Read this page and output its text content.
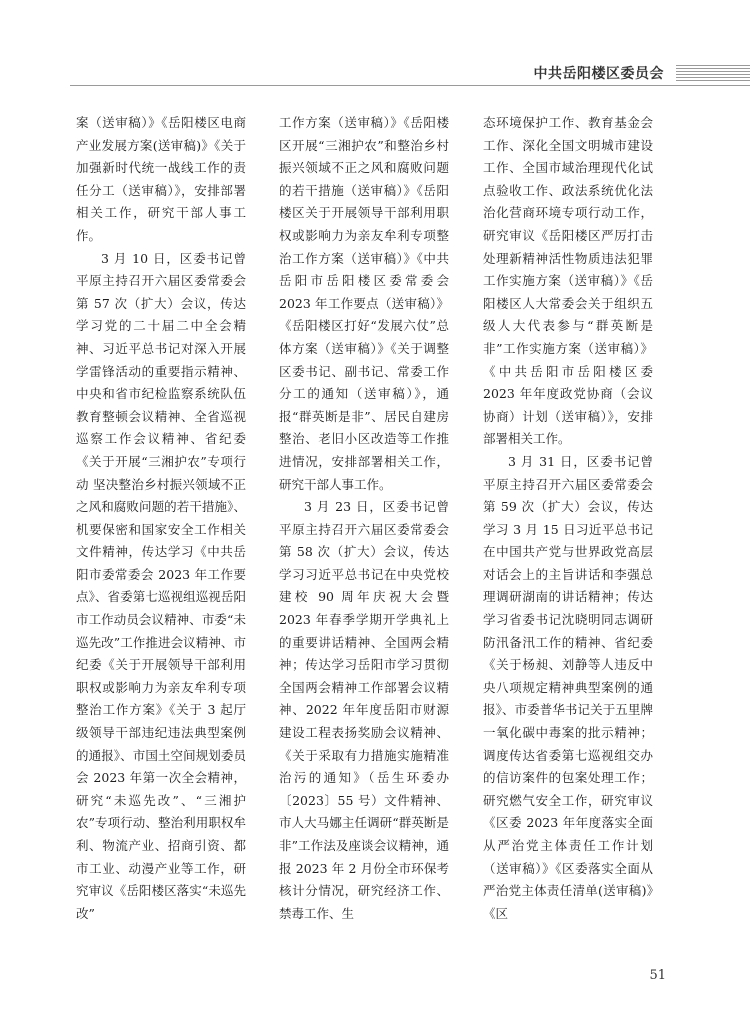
中共岳阳楼区委员会

案（送审稿）》《岳阳楼区电商产业发展方案(送审稿)》《关于加强新时代统一战线工作的责任分工（送审稿）》，安排部署相关工作，研究干部人事工作。

3 月 10 日，区委书记曾平原主持召开六届区委常委会第 57 次（扩大）会议，传达学习党的二十届二中全会精神、习近平总书记对深入开展学雷锋活动的重要指示精神、中央和省市纪检监察系统队伍教育整顿会议精神、全省巡视巡察工作会议精神、省纪委《关于开展“三湘护农”专项行动 坚决整治乡村振兴领域不正之风和腐败问题的若干措施》、机要保密和国家安全工作相关文件精神，传达学习《中共岳阳市委常委会 2023 年工作要点》、省委第七巡视组巡视岳阳市工作动员会议精神、市委“未巡先改”工作推进会议精神、市纪委《关于开展领导干部利用职权或影响力为亲友牟利专项整治工作方案》《关于 3 起厅级领导干部违纪违法典型案例的通报》、市国土空间规划委员会 2023 年第一次全会精神，研究“未巡先改”、“三湘护农”专项行动、整治利用职权牟利、物流产业、招商引资、都市工业、动漫产业等工作，研究审议《岳阳楼区落实“未巡先改”

工作方案（送审稿）》《岳阳楼区开展“三湘护农”和整治乡村振兴领域不正之风和腐败问题的若干措施（送审稿）》《岳阳楼区关于开展领导干部利用职权或影响力为亲友牟利专项整治工作方案（送审稿）》《中共岳阳市岳阳楼区委常委会 2023 年工作要点（送审稿）》《岳阳楼区打好“发展六仗”总体方案（送审稿）》《关于调整区委书记、副书记、常委工作分工的通知（送审稿）》，通报“群英断是非”、居民自建房整治、老旧小区改造等工作推进情况，安排部署相关工作，研究干部人事工作。

3 月 23 日，区委书记曾平原主持召开六届区委常委会第 58 次（扩大）会议，传达学习习近平总书记在中央党校建校 90 周年庆祝大会暨 2023 年春季学期开学典礼上的重要讲话精神、全国两会精神；传达学习岳阳市学习贯彻全国两会精神工作部署会议精神、2022 年年度岳阳市财源建设工程表扬奖励会议精神、《关于采取有力措施实施精准治污的通知》（岳生环委办〔2023〕55 号）文件精神、市人大马娜主任调研“群英断是非”工作法及座谈会议精神，通报 2023 年 2 月份全市环保考核计分情况，研究经济工作、禁毒工作、生

态环境保护工作、教育基金会工作、深化全国文明城市建设工作、全国市域治理现代化试点验收工作、政法系统优化法治化营商环境专项行动工作，研究审议《岳阳楼区严厉打击处理新精神活性物质违法犯罪工作实施方案（送审稿）》《岳阳楼区人大常委会关于组织五级人大代表参与“群英断是非”工作实施方案（送审稿）》《中共岳阳市岳阳楼区委 2023 年年度政党协商（会议协商）计划（送审稿）》，安排部署相关工作。

3 月 31 日，区委书记曾平原主持召开六届区委常委会第 59 次（扩大）会议，传达学习 3 月 15 日习近平总书记在中国共产党与世界政党高层对话会上的主旨讲话和李强总理调研湖南的讲话精神；传达学习省委书记沈晓明同志调研防汛备汛工作的精神、省纪委《关于杨昶、刘静等人违反中央八项规定精神典型案例的通报》、市委普华书记关于五里牌一氧化碳中毒案的批示精神；调度传达省委第七巡视组交办的信访案件的包案处理工作；研究燃气安全工作，研究审议《区委 2023 年年度落实全面从严治党主体责任工作计划（送审稿）》《区委落实全面从严治党主体责任清单(送审稿)》《区

51
